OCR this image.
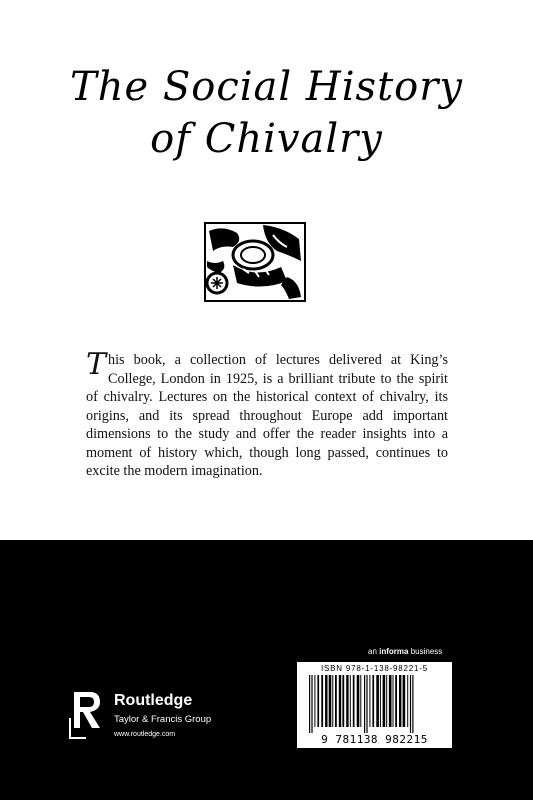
The Social History
of Chivalry

This book, a collection of lectures delivered at King’s College, London in 1925, is a brilliant tribute to the spirit of chivalry. Lectures on the historical context of chivalry, its origins, and its spread throughout Europe add important dimensions to the study and offer the reader insights into a moment of history which, though long passed, continues to excite the modern imagination.

an informa business
ISBN 978-1-138-98221-5
9 781138 982215
Routledge
Taylor & Francis Group
www.routledge.com
